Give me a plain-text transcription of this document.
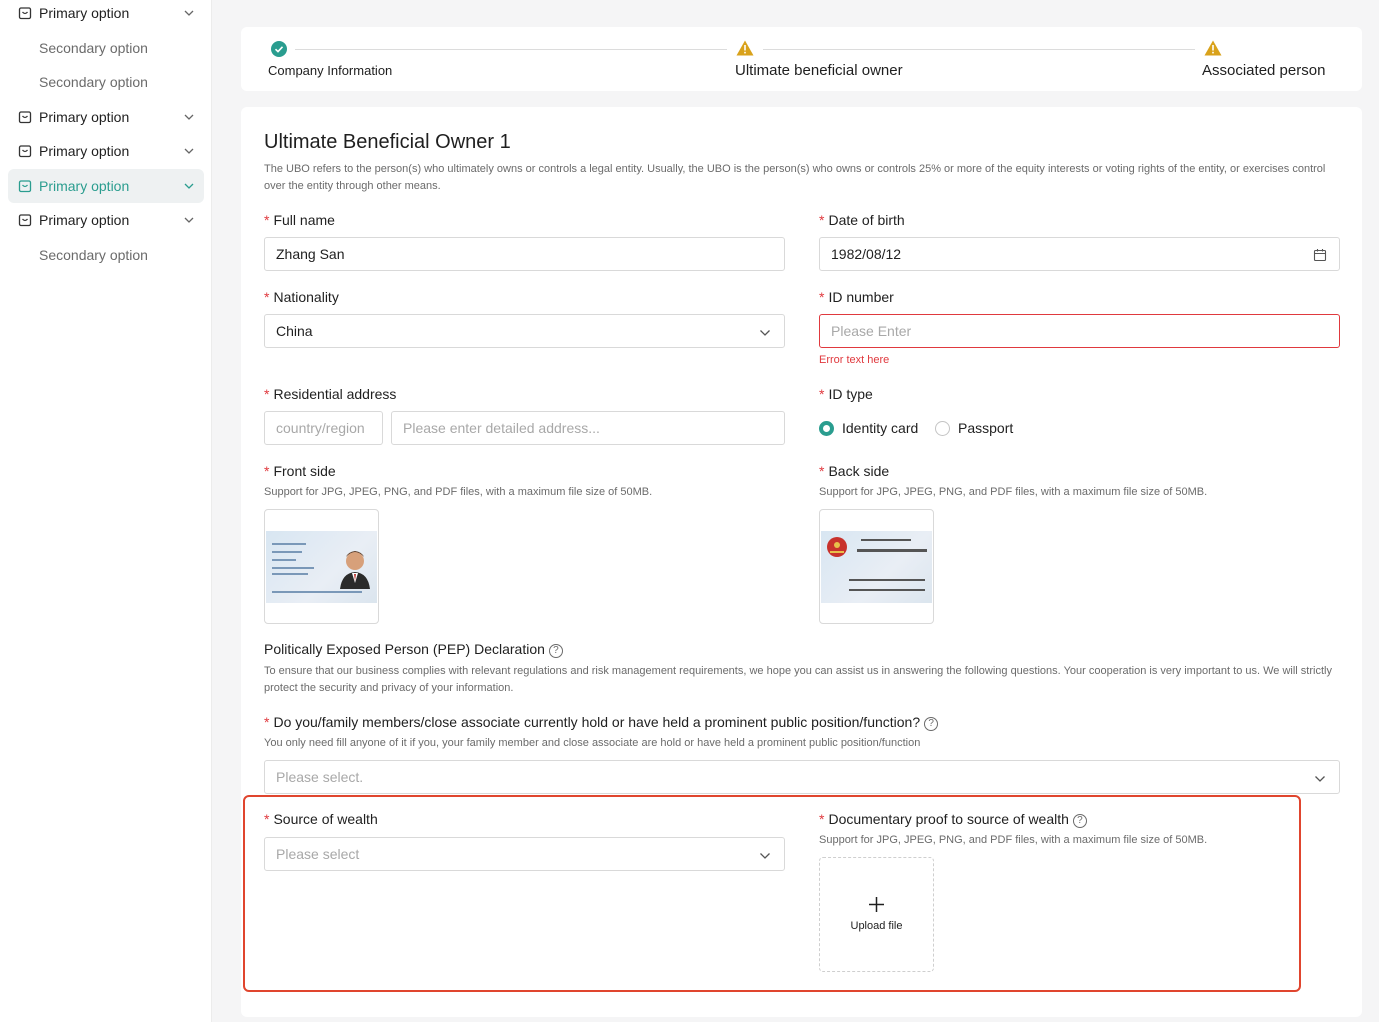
Primary option
Secondary option
Secondary option
Primary option
Primary option
Primary option
Primary option
Secondary option
Company Information	Ultimate beneficial owner	Associated person
Ultimate Beneficial Owner 1
The UBO refers to the person(s) who ultimately owns or controls a legal entity. Usually, the UBO is the person(s) who owns or controls 25% or more of the equity interests or voting rights of the entity, or exercises control over the entity through other means.
* Full name
Zhang San
* Date of birth
1982/08/12
* Nationality
China
* ID number
Please Enter
Error text here
* Residential address
country/region	Please enter detailed address...
* ID type
Identity card	Passport
* Front side
Support for JPG, JPEG, PNG, and PDF files, with a maximum file size of 50MB.
* Back side
Support for JPG, JPEG, PNG, and PDF files, with a maximum file size of 50MB.
Politically Exposed Person (PEP) Declaration ?
To ensure that our business complies with relevant regulations and risk management requirements, we hope you can assist us in answering the following questions. Your cooperation is very important to us. We will strictly protect the security and privacy of your information.
* Do you/family members/close associate currently hold or have held a prominent public position/function? ?
You only need fill anyone of it if you, your family member and close associate are hold or have held a prominent public position/function
Please select.
* Source of wealth
Please select
* Documentary proof to source of wealth ?
Support for JPG, JPEG, PNG, and PDF files, with a maximum file size of 50MB.
Upload file
